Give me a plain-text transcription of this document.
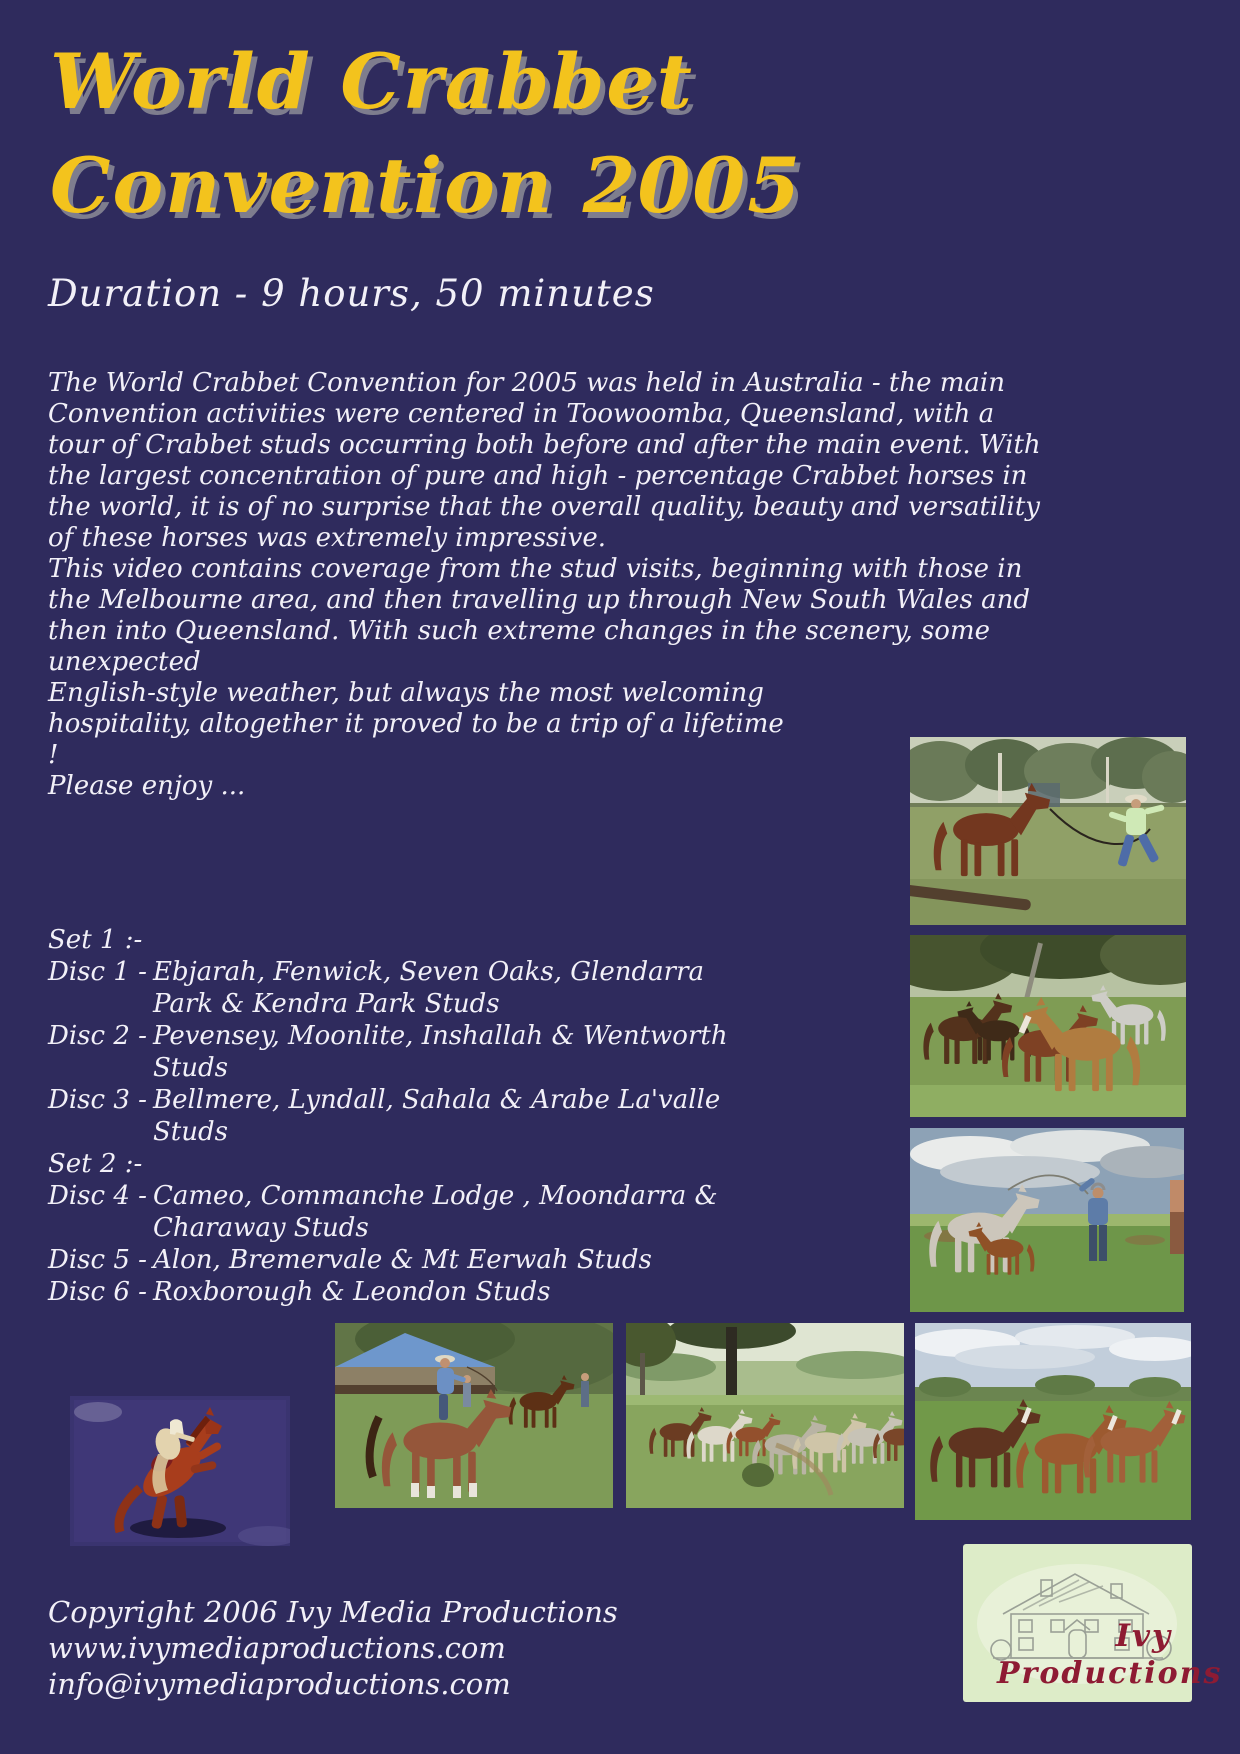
World Crabbet
Convention 2005
Duration - 9 hours, 50 minutes

The World Crabbet Convention for 2005 was held in Australia - the main Convention activities were centered in Toowoomba, Queensland, with a tour of Crabbet studs occurring both before and after the main event. With the largest concentration of pure and high - percentage Crabbet horses in the world, it is of no surprise that the overall quality, beauty and versatility of these horses was extremely impressive.

This video contains coverage from the stud visits, beginning with those in the Melbourne area, and then travelling up through New South Wales and then into Queensland. With such extreme changes in the scenery, some unexpected

English-style weather, but always the most welcoming hospitality, altogether it proved to be a trip of a lifetime !

Please enjoy ...

Set 1 :-
Disc 1 - Ebjarah, Fenwick, Seven Oaks, Glendarra Park & Kendra Park Studs
Disc 2 - Pevensey, Moonlite, Inshallah & Wentworth Studs
Disc 3 - Bellmere, Lyndall, Sahala & Arabe La'valle Studs
Set 2 :-
Disc 4 - Cameo, Commanche Lodge , Moondarra & Charaway Studs
Disc 5 - Alon, Bremervale & Mt Eerwah Studs
Disc 6 - Roxborough & Leondon Studs
Copyright 2006 Ivy Media Productions
www.ivymediaproductions.com
info@ivymediaproductions.com
Ivy
Productions
